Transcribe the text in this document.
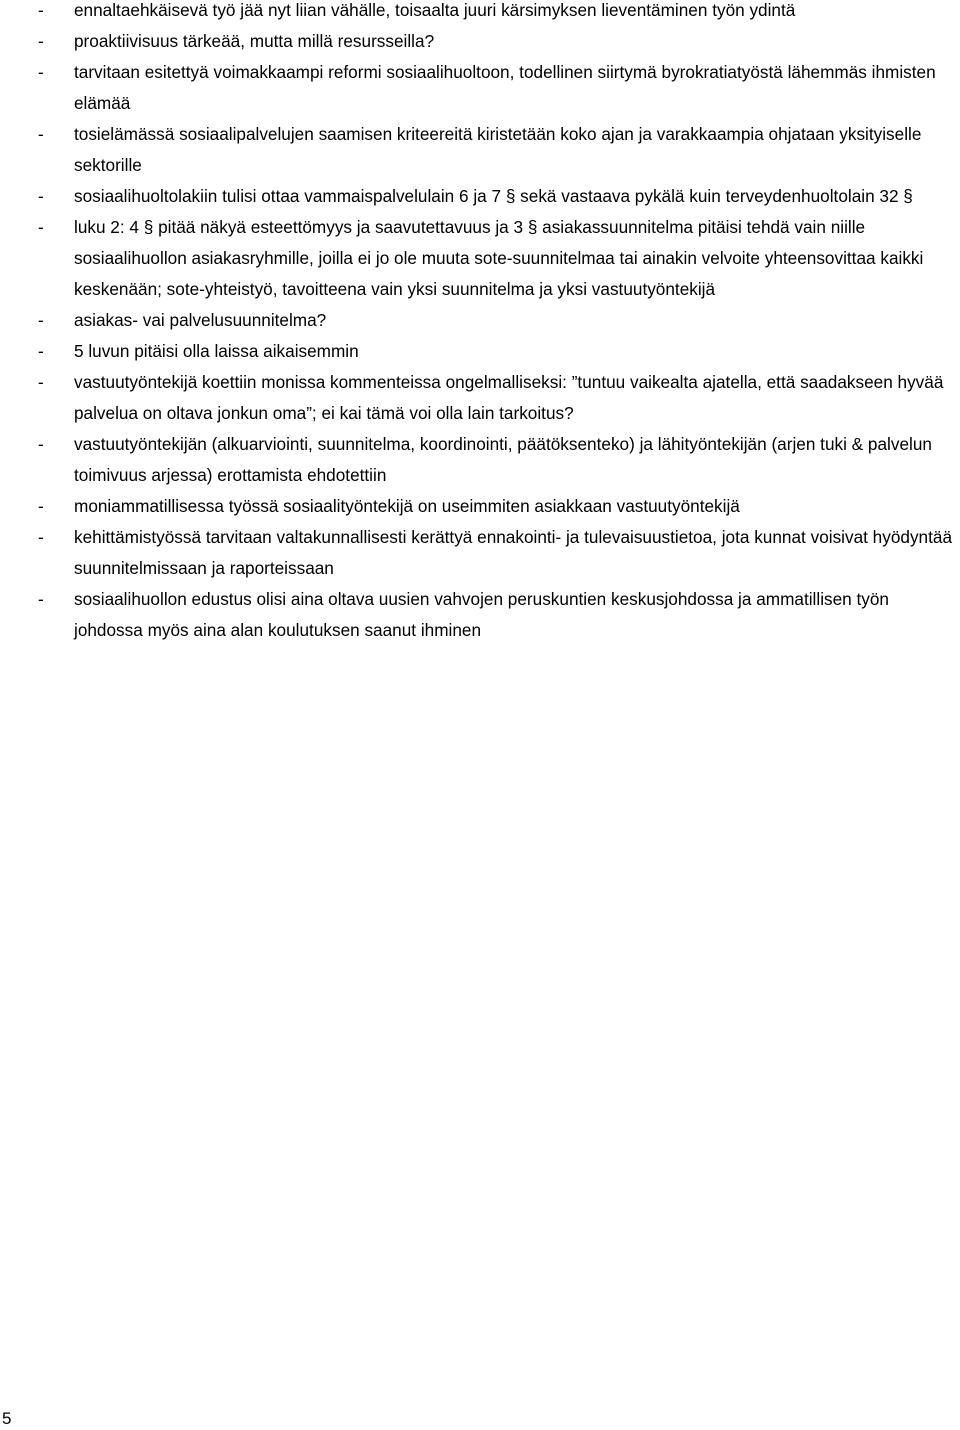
- ennaltaehkäisevä työ jää nyt liian vähälle, toisaalta juuri kärsimyksen lieventäminen työn ydintä
- proaktiivisuus tärkeää, mutta millä resursseilla?
- tarvitaan esitettyä voimakkaampi reformi sosiaalihuoltoon, todellinen siirtymä byrokratiatyöstä lähemmäs ihmisten elämää
- tosielämässä sosiaalipalvelujen saamisen kriteereitä kiristetään koko ajan ja varakkaampia ohjataan yksityiselle sektorille
- sosiaalihuoltolakiin tulisi ottaa vammaispalvelulain 6 ja 7 § sekä vastaava pykälä kuin terveydenhuoltolain 32 §
- luku 2: 4 § pitää näkyä esteettömyys ja saavutettavuus ja 3 § asiakassuunnitelma pitäisi tehdä vain niille sosiaalihuollon asiakasryhmille, joilla ei jo ole muuta sote-suunnitelmaa tai ainakin velvoite yhteensovittaa kaikki keskenään; sote-yhteistyö, tavoitteena vain yksi suunnitelma ja yksi vastuutyöntekijä
- asiakas- vai palvelusuunnitelma?
- 5 luvun pitäisi olla laissa aikaisemmin
- vastuutyöntekijä koettiin monissa kommenteissa ongelmalliseksi: ”tuntuu vaikealta ajatella, että saadakseen hyvää palvelua on oltava jonkun oma”; ei kai tämä voi olla lain tarkoitus?
- vastuutyöntekijän (alkuarviointi, suunnitelma, koordinointi, päätöksenteko) ja lähityöntekijän (arjen tuki & palvelun toimivuus arjessa) erottamista ehdotettiin
- moniammatillisessa työssä sosiaalityöntekijä on useimmiten asiakkaan vastuutyöntekijä
- kehittämistyössä tarvitaan valtakunnallisesti kerättyä ennakointi- ja tulevaisuustietoa, jota kunnat voisivat hyödyntää suunnitelmissaan ja raporteissaan
- sosiaalihuollon edustus olisi aina oltava uusien vahvojen peruskuntien keskusjohdossa ja ammatillisen työn johdossa myös aina alan koulutuksen saanut ihminen
5
